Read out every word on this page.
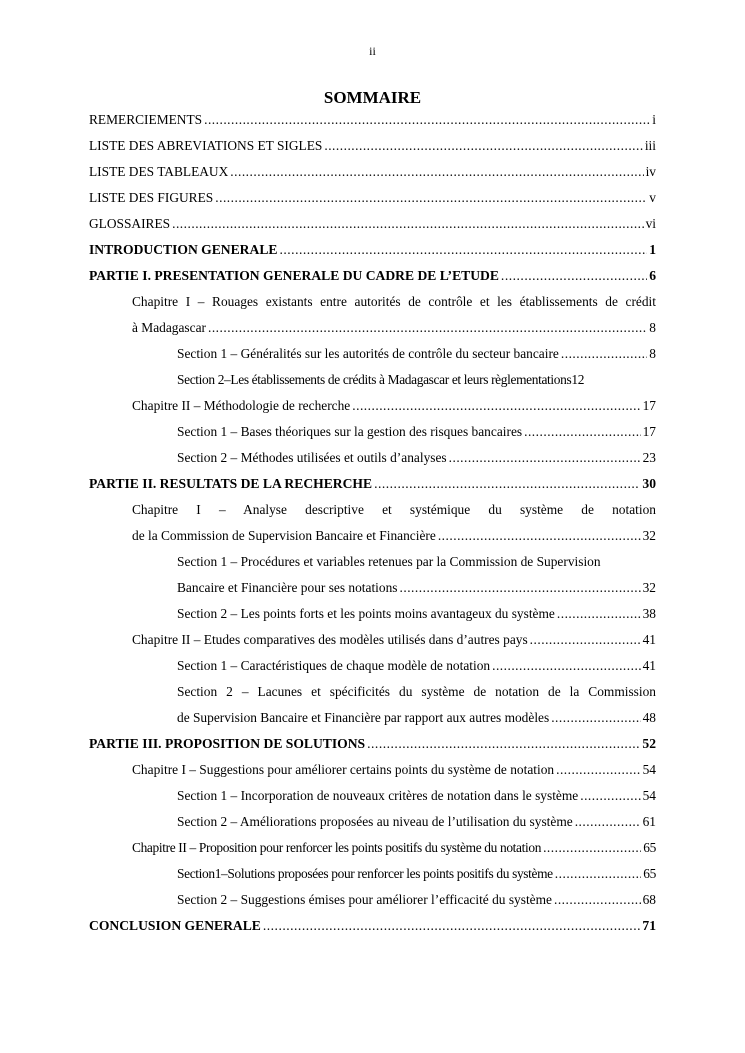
ii
SOMMAIRE
REMERCIEMENTS .....	i
LISTE DES ABREVIATIONS ET SIGLES .....	iii
LISTE DES TABLEAUX .....	iv
LISTE DES FIGURES .....	v
GLOSSAIRES .....	vi
INTRODUCTION GENERALE .....	1
PARTIE I. PRESENTATION GENERALE DU CADRE DE L’ETUDE .....	6
Chapitre I – Rouages existants entre autorités de contrôle et les établissements de crédit
à Madagascar .....	8
Section 1 – Généralités sur les autorités de contrôle du secteur bancaire .....	8
Section 2–Les établissements de crédits à Madagascar et leurs règlementations 12
Chapitre II – Méthodologie de recherche .....	17
Section 1 – Bases théoriques sur la gestion des risques bancaires .....	17
Section 2 – Méthodes utilisées et outils d’analyses .....	23
PARTIE II. RESULTATS DE LA RECHERCHE .....	30
Chapitre I – Analyse descriptive et systémique du système de notation
de la Commission de Supervision Bancaire et Financière .....	32
Section 1 – Procédures et variables retenues par la Commission de Supervision
Bancaire et Financière pour ses notations .....	32
Section 2 – Les points forts et les points moins avantageux du système .....	38
Chapitre II – Etudes comparatives des modèles utilisés dans d’autres pays .....	41
Section 1 – Caractéristiques de chaque modèle de notation .....	41
Section 2 – Lacunes et spécificités du système de notation de la Commission
de Supervision Bancaire et Financière par rapport aux autres modèles .....	48
PARTIE III. PROPOSITION DE SOLUTIONS .....	52
Chapitre I – Suggestions pour améliorer certains points du système de notation .....	54
Section 1 – Incorporation de nouveaux critères de notation dans le système .....	54
Section 2 – Améliorations proposées au niveau de l’utilisation du système .....	61
Chapitre II – Proposition pour renforcer les points positifs du système du notation .....	65
Section1–Solutions proposées pour renforcer les points positifs du système .....	65
Section 2 – Suggestions émises pour améliorer l’efficacité du système .....	68
CONCLUSION GENERALE .....	71
